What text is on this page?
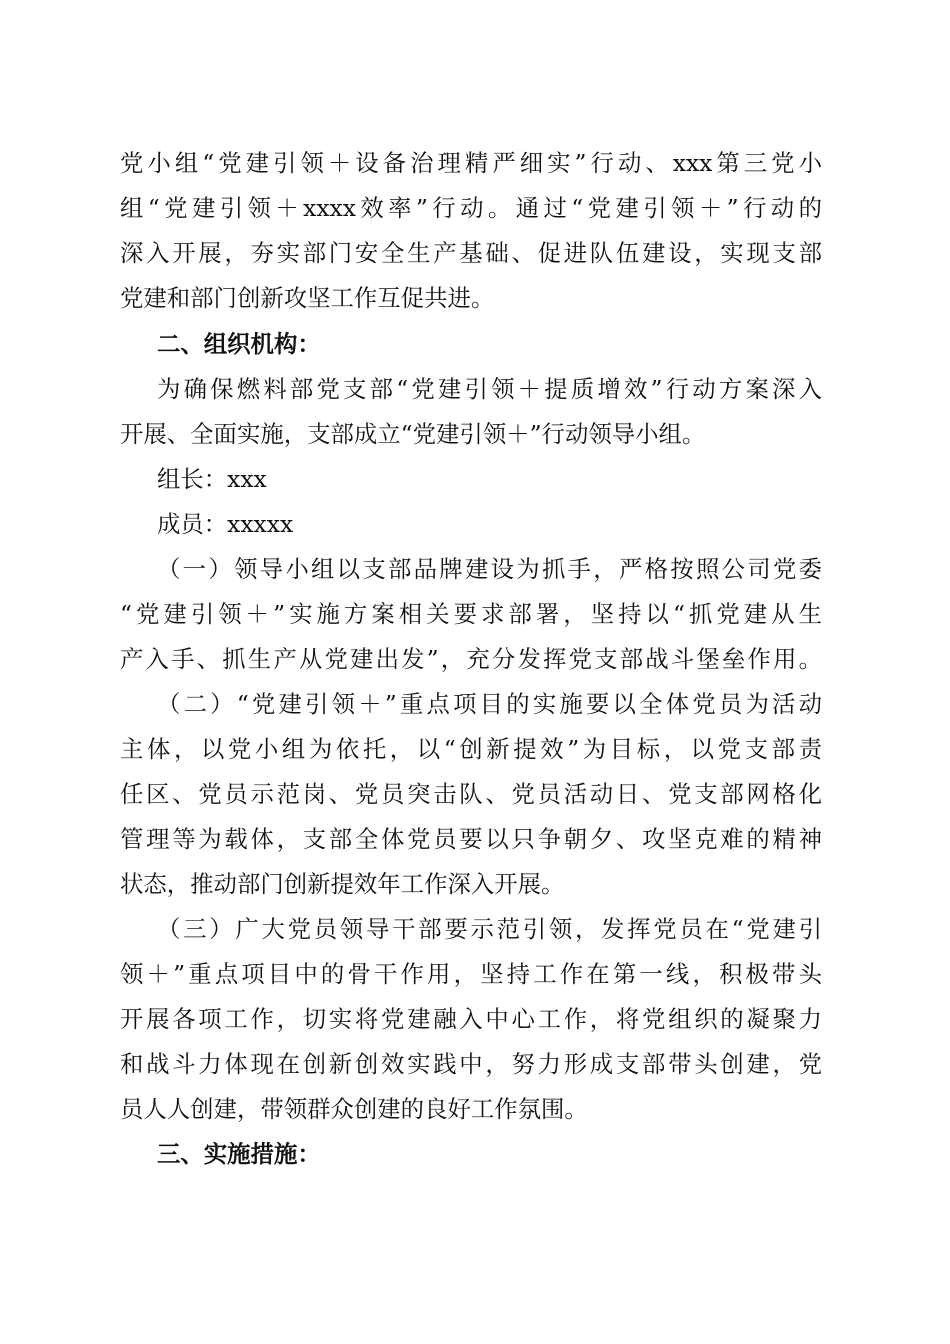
党小组“党建引领＋设备治理精严细实”行动、xxx第三党小
组“党建引领＋xxxx效率”行动。通过“党建引领＋”行动的
深入开展，夯实部门安全生产基础、促进队伍建设，实现支部
党建和部门创新攻坚工作互促共进。
二、组织机构：
为确保燃料部党支部“党建引领＋提质增效”行动方案深入
开展、全面实施，支部成立“党建引领＋”行动领导小组。
组长：xxx
成员：xxxxx
（一）领导小组以支部品牌建设为抓手，严格按照公司党委
“党建引领＋”实施方案相关要求部署，坚持以“抓党建从生
产入手、抓生产从党建出发”，充分发挥党支部战斗堡垒作用。
（二）“党建引领＋”重点项目的实施要以全体党员为活动
主体，以党小组为依托，以“创新提效”为目标，以党支部责
任区、党员示范岗、党员突击队、党员活动日、党支部网格化
管理等为载体，支部全体党员要以只争朝夕、攻坚克难的精神
状态，推动部门创新提效年工作深入开展。
（三）广大党员领导干部要示范引领，发挥党员在“党建引
领＋”重点项目中的骨干作用，坚持工作在第一线，积极带头
开展各项工作，切实将党建融入中心工作，将党组织的凝聚力
和战斗力体现在创新创效实践中，努力形成支部带头创建，党
员人人创建，带领群众创建的良好工作氛围。
三、实施措施：
